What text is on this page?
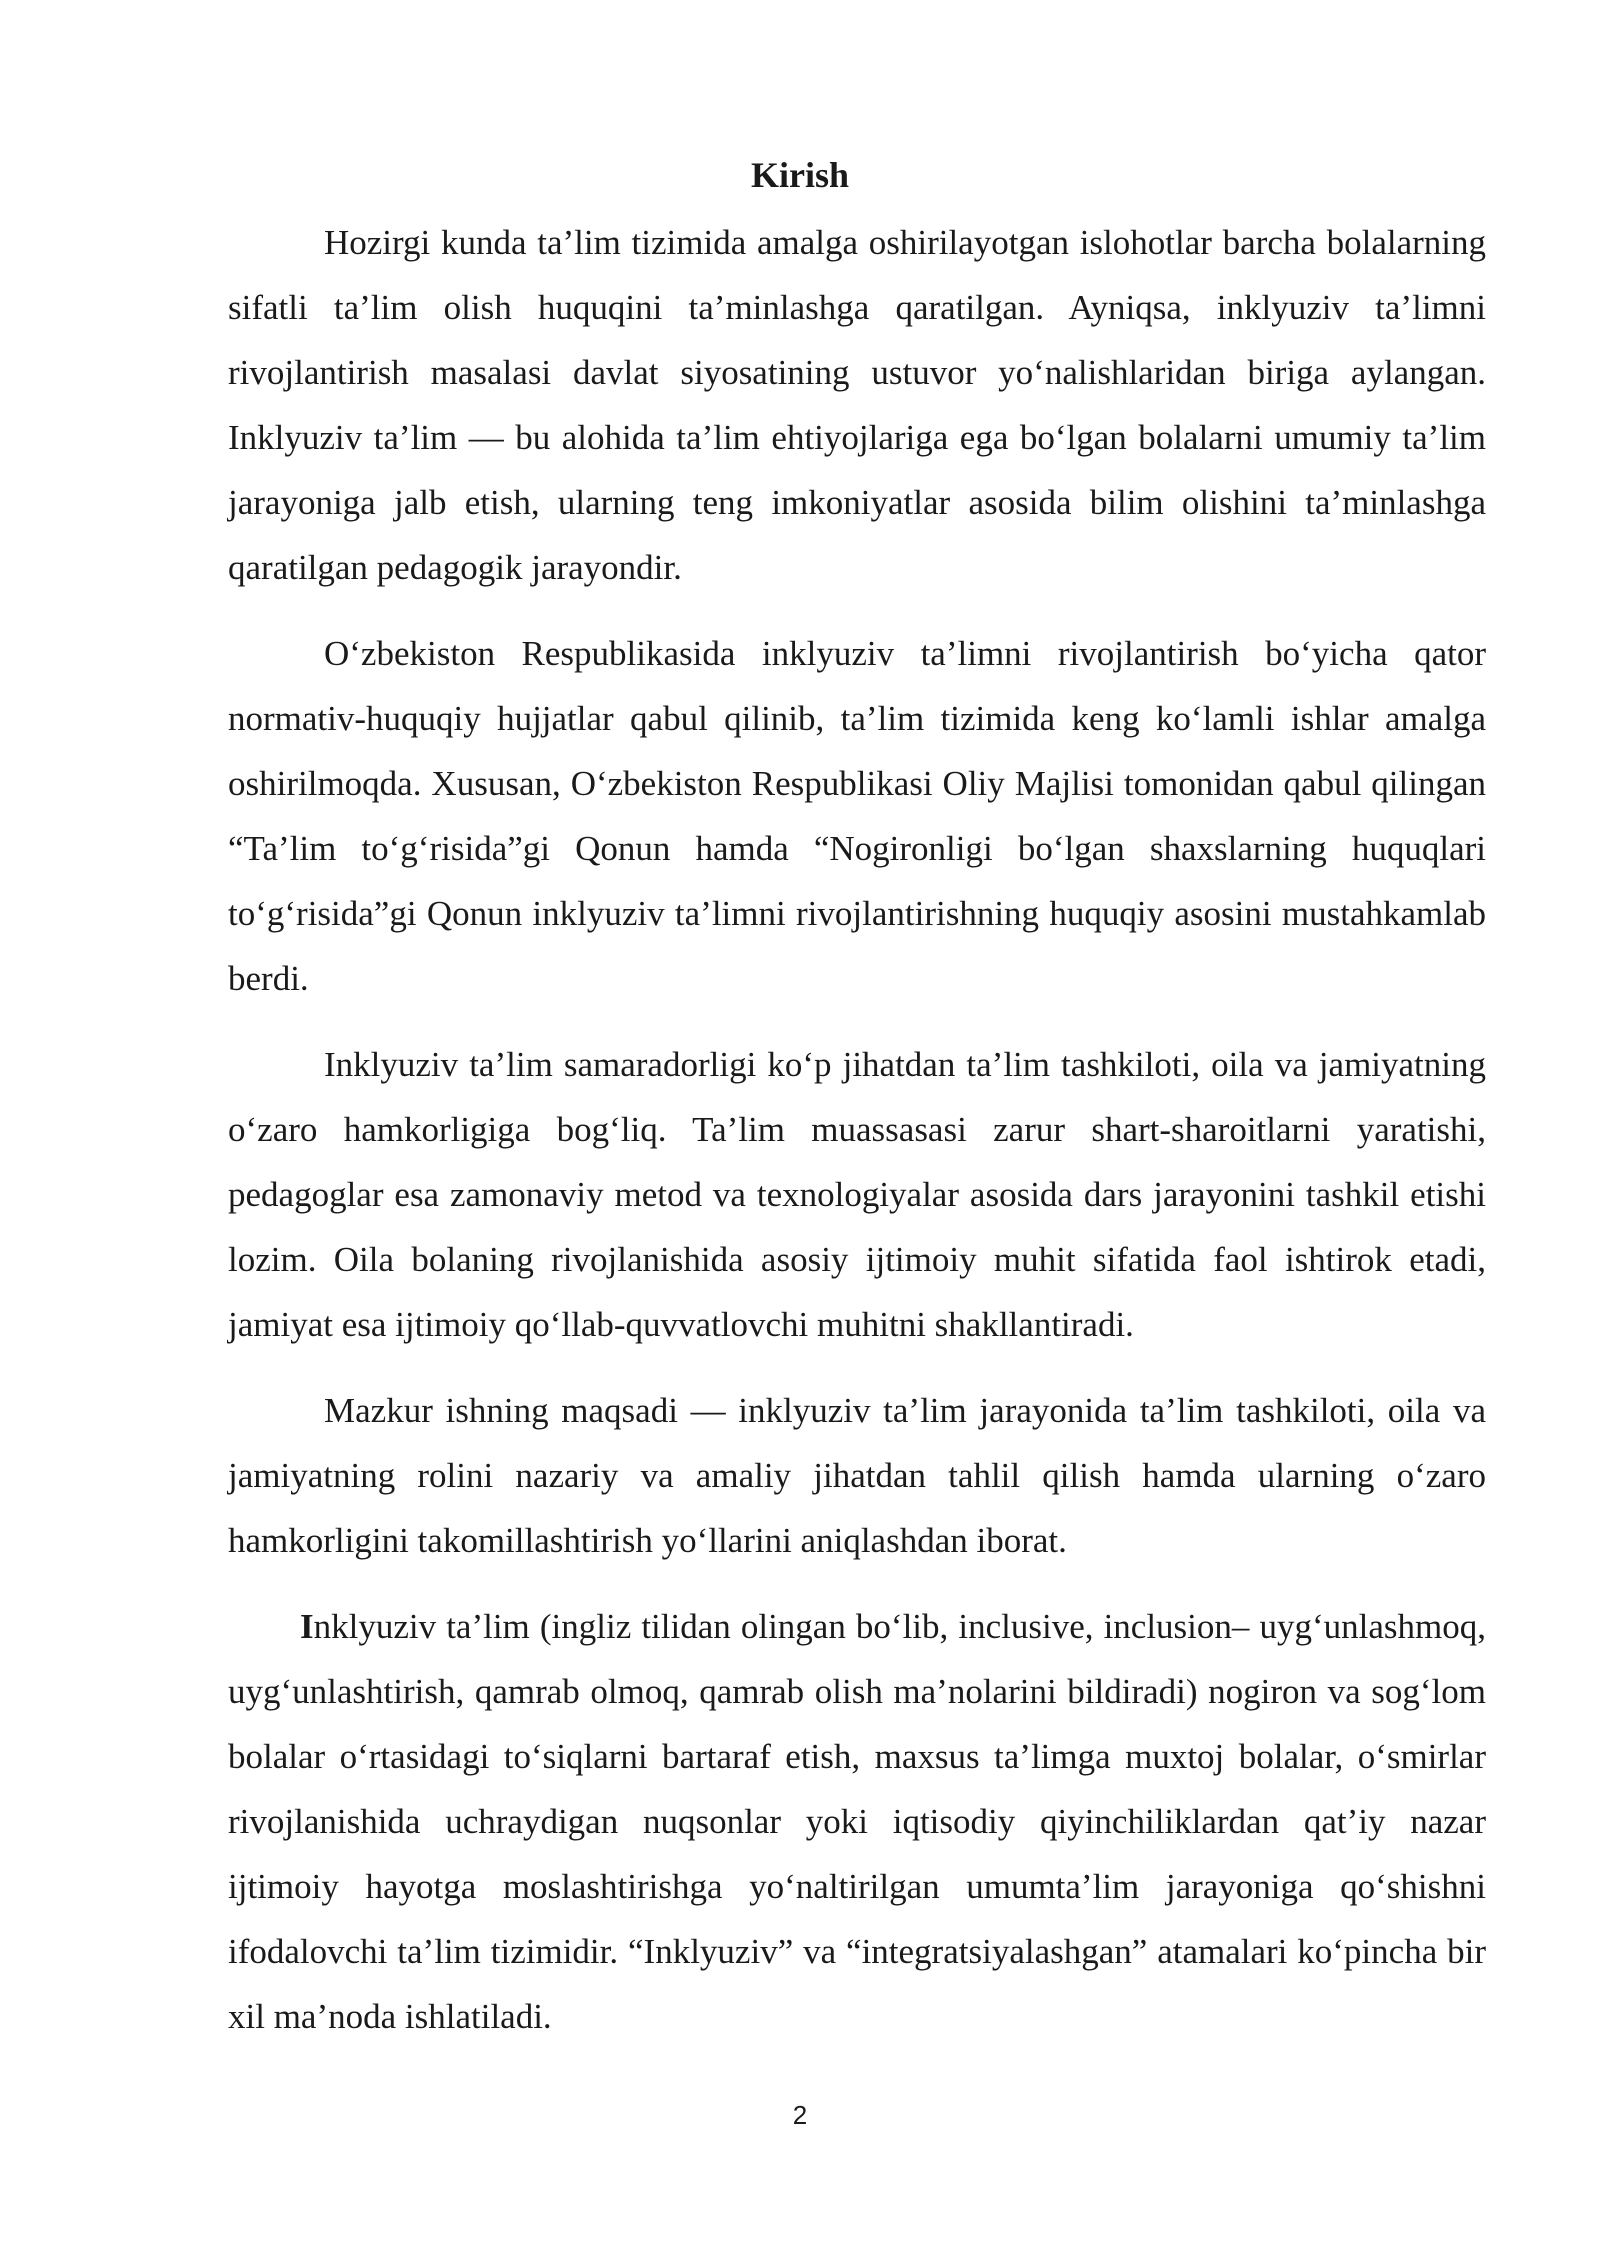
Kirish

Hozirgi kunda ta’lim tizimida amalga oshirilayotgan islohotlar barcha bolalarning sifatli ta’lim olish huquqini ta’minlashga qaratilgan. Ayniqsa, inklyuziv ta’limni rivojlantirish masalasi davlat siyosatining ustuvor yo‘nalishlaridan biriga aylangan. Inklyuziv ta’lim — bu alohida ta’lim ehtiyojlariga ega bo‘lgan bolalarni umumiy ta’lim jarayoniga jalb etish, ularning teng imkoniyatlar asosida bilim olishini ta’minlashga qaratilgan pedagogik jarayondir.

O‘zbekiston Respublikasida inklyuziv ta’limni rivojlantirish bo‘yicha qator normativ-huquqiy hujjatlar qabul qilinib, ta’lim tizimida keng ko‘lamli ishlar amalga oshirilmoqda. Xususan, O‘zbekiston Respublikasi Oliy Majlisi tomonidan qabul qilingan “Ta’lim to‘g‘risida”gi Qonun hamda “Nogironligi bo‘lgan shaxslarning huquqlari to‘g‘risida”gi Qonun inklyuziv ta’limni rivojlantirishning huquqiy asosini mustahkamlab berdi.

Inklyuziv ta’lim samaradorligi ko‘p jihatdan ta’lim tashkiloti, oila va jamiyatning o‘zaro hamkorligiga bog‘liq. Ta’lim muassasasi zarur shart-sharoitlarni yaratishi, pedagoglar esa zamonaviy metod va texnologiyalar asosida dars jarayonini tashkil etishi lozim. Oila bolaning rivojlanishida asosiy ijtimoiy muhit sifatida faol ishtirok etadi, jamiyat esa ijtimoiy qo‘llab-quvvatlovchi muhitni shakllantiradi.

Mazkur ishning maqsadi — inklyuziv ta’lim jarayonida ta’lim tashkiloti, oila va jamiyatning rolini nazariy va amaliy jihatdan tahlil qilish hamda ularning o‘zaro hamkorligini takomillashtirish yo‘llarini aniqlashdan iborat.

Inklyuziv ta’lim (ingliz tilidan olingan bo‘lib, inclusive, inclusion– uyg‘unlashmoq, uyg‘unlashtirish, qamrab olmoq, qamrab olish ma’nolarini bildiradi) nogiron va sog‘lom bolalar o‘rtasidagi to‘siqlarni bartaraf etish, maxsus ta’limga muxtoj bolalar, o‘smirlar rivojlanishida uchraydigan nuqsonlar yoki iqtisodiy qiyinchiliklardan qat’iy nazar ijtimoiy hayotga moslashtirishga yo‘naltirilgan umumta’lim jarayoniga qo‘shishni ifodalovchi ta’lim tizimidir. “Inklyuziv” va “integratsiyalashgan” atamalari ko‘pincha bir xil ma’noda ishlatiladi.

2
